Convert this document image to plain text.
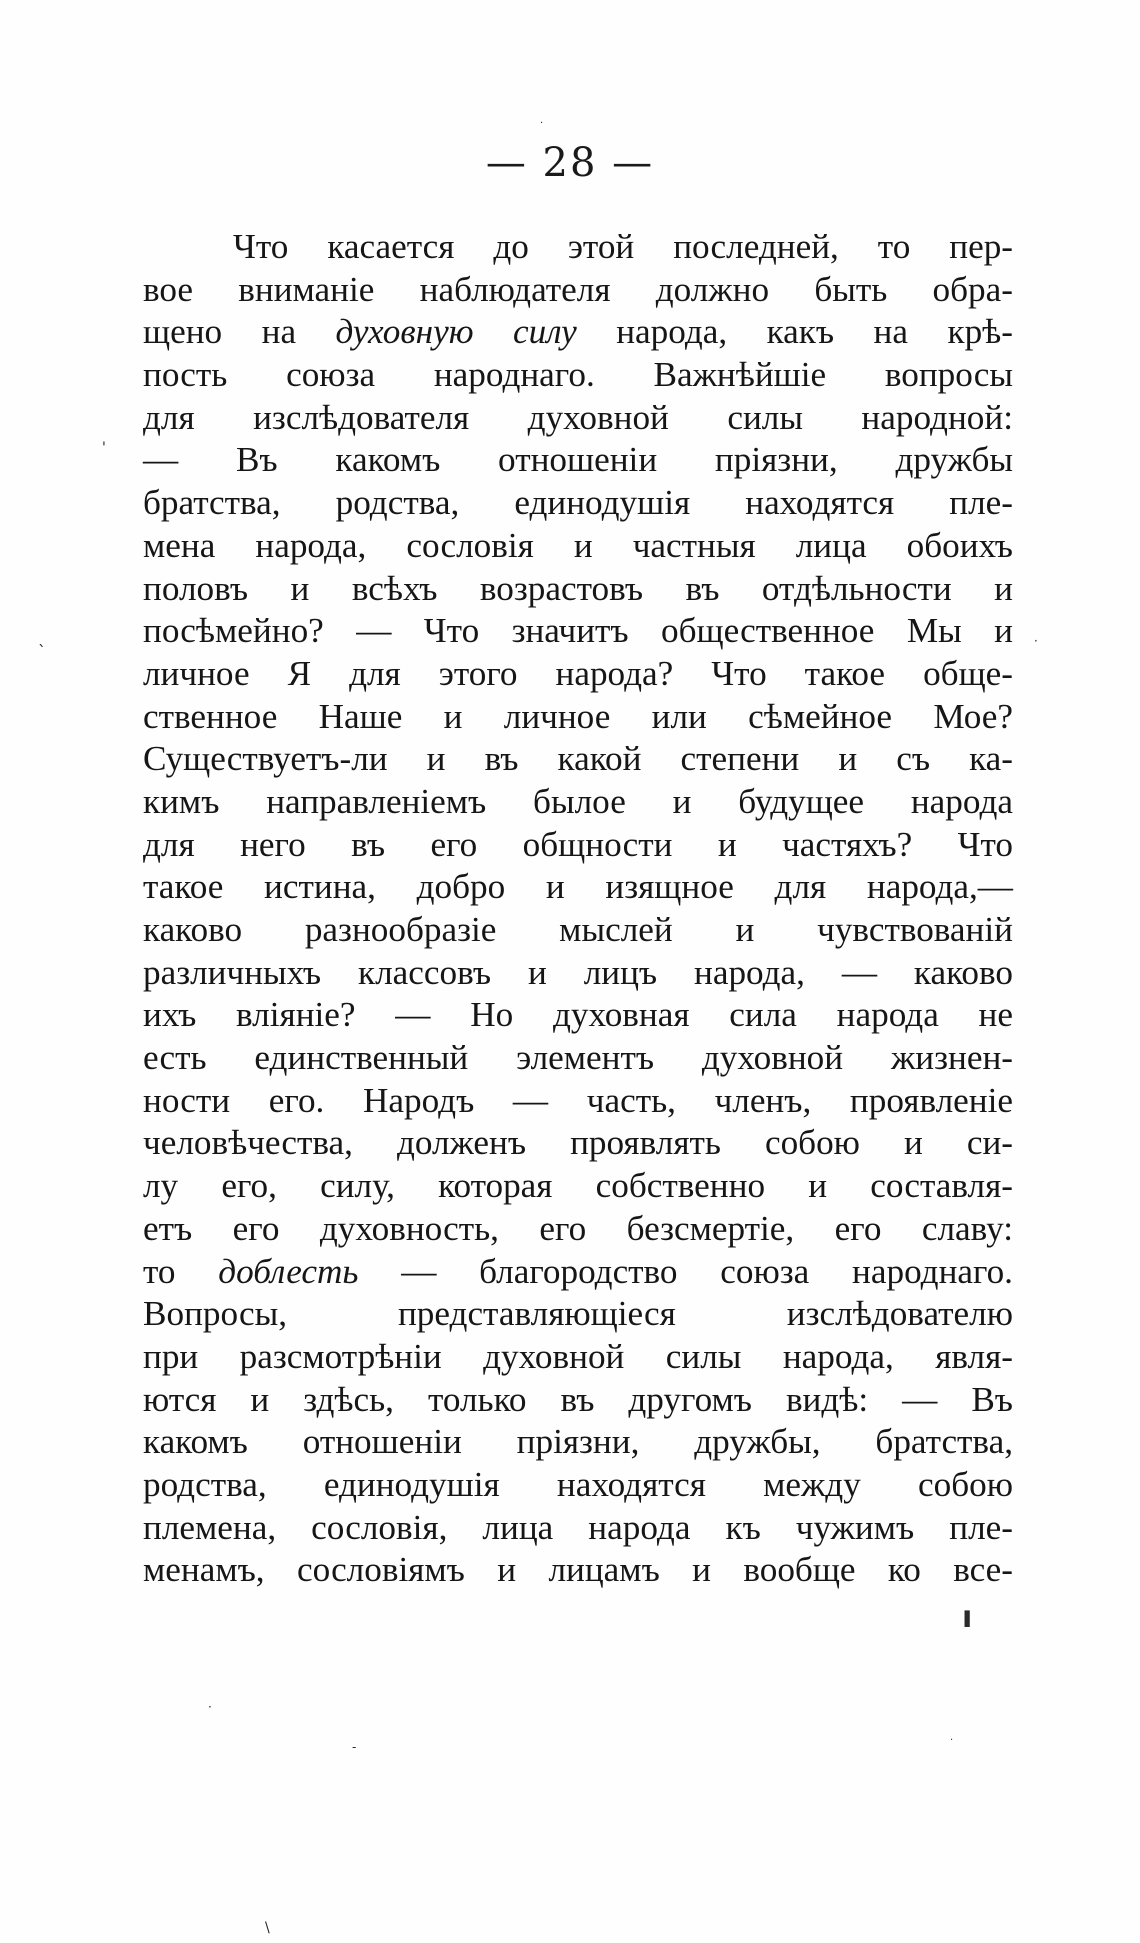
— 28 —
Что касается до этой последней, то пер-
вое вниманіе наблюдателя должно быть обра-
щено на духовную силу народа, какъ на крѣ-
пость союза народнаго. Важнѣйшіе вопросы
для изслѣдователя духовной силы народной:
— Въ какомъ отношеніи пріязни, дружбы
братства, родства, единодушія находятся пле-
мена народа, сословія и частныя лица обоихъ
половъ и всѣхъ возрастовъ въ отдѣльности и
посѣмейно? — Что значитъ общественное Мы и
личное Я для этого народа? Что такое обще-
ственное Наше и личное или сѣмейное Мое?
Существуетъ-ли и въ какой степени и съ ка-
кимъ направленіемъ былое и будущее народа
для него въ его общности и частяхъ? Что
такое истина, добро и изящное для народа,—
каково разнообразіе мыслей и чувствованій
различныхъ классовъ и лицъ народа, — каково
ихъ вліяніе? — Но духовная сила народа не
есть единственный элементъ духовной жизнен-
ности его. Народъ — часть, членъ, проявленіе
человѣчества, долженъ проявлять собою и си-
лу его, силу, которая собственно и составля-
етъ его духовность, его безсмертіе, его славу:
то доблесть — благородство союза народнаго.
Вопросы, представляющіеся изслѣдователю
при разсмотрѣніи духовной силы народа, явля-
ются и здѣсь, только въ другомъ видѣ: — Въ
какомъ отношеніи пріязни, дружбы, братства,
родства, единодушія находятся между собою
племена, сословія, лица народа къ чужимъ пле-
менамъ, сословіямъ и лицамъ и вообще ко все-
·
'
ˋ
·
ı
·
-	·
\
